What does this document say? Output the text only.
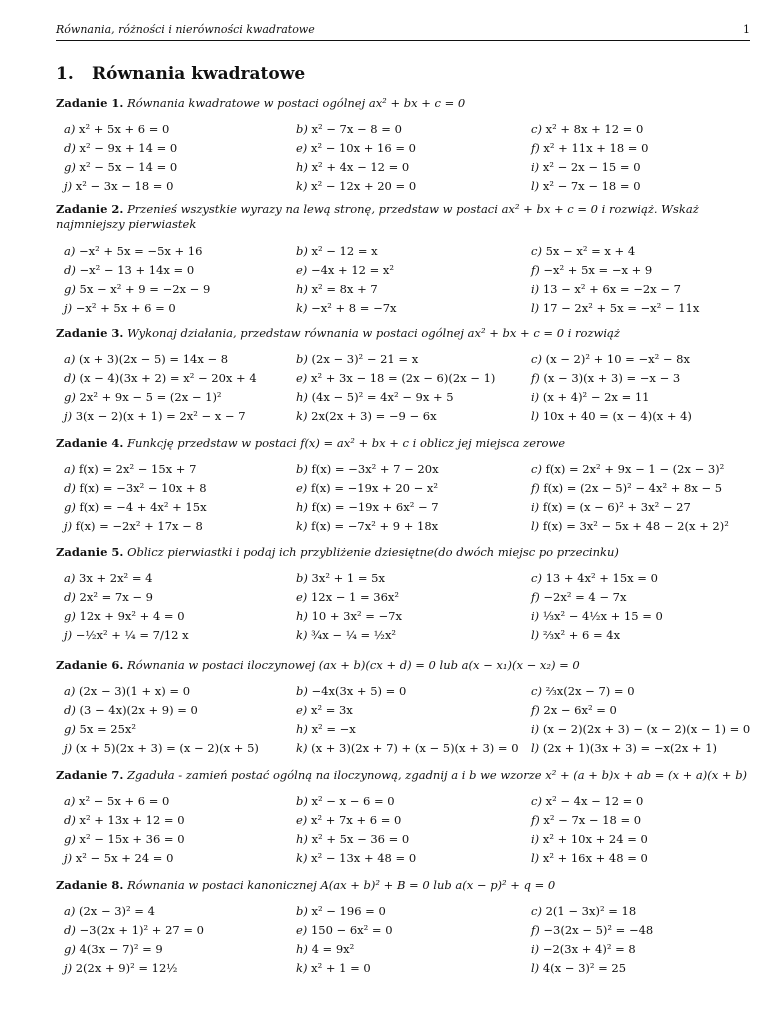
Równania, różności i nierówności kwadratowe	1
1. Równania kwadratowe
Zadanie 1. Równania kwadratowe w postaci ogólnej ax² + bx + c = 0
a) x² + 5x + 6 = 0	b) x² − 7x − 8 = 0	c) x² + 8x + 12 = 0
d) x² − 9x + 14 = 0	e) x² − 10x + 16 = 0	f) x² + 11x + 18 = 0
g) x² − 5x − 14 = 0	h) x² + 4x − 12 = 0	i) x² − 2x − 15 = 0
j) x² − 3x − 18 = 0	k) x² − 12x + 20 = 0	l) x² − 7x − 18 = 0
Zadanie 2. Przenieś wszystkie wyrazy na lewą stronę, przedstaw w postaci ax² + bx + c = 0 i rozwiąż. Wskaż najmniejszy pierwiastek
a) −x² + 5x = −5x + 16	b) x² − 12 = x	c) 5x − x² = x + 4
d) −x² − 13 + 14x = 0	e) −4x + 12 = x²	f) −x² + 5x = −x + 9
g) 5x − x² + 9 = −2x − 9	h) x² = 8x + 7	i) 13 − x² + 6x = −2x − 7
j) −x² + 5x + 6 = 0	k) −x² + 8 = −7x	l) 17 − 2x² + 5x = −x² − 11x
Zadanie 3. Wykonaj działania, przedstaw równania w postaci ogólnej ax² + bx + c = 0 i rozwiąż
a) (x + 3)(2x − 5) = 14x − 8	b) (2x − 3)² − 21 = x	c) (x − 2)² + 10 = −x² − 8x
d) (x − 4)(3x + 2) = x² − 20x + 4	e) x² + 3x − 18 = (2x − 6)(2x − 1)	f) (x − 3)(x + 3) = −x − 3
g) 2x² + 9x − 5 = (2x − 1)²	h) (4x − 5)² = 4x² − 9x + 5	i) (x + 4)² − 2x = 11
j) 3(x − 2)(x + 1) = 2x² − x − 7	k) 2x(2x + 3) = −9 − 6x	l) 10x + 40 = (x − 4)(x + 4)
Zadanie 4. Funkcję przedstaw w postaci f(x) = ax² + bx + c i oblicz jej miejsca zerowe
a) f(x) = 2x² − 15x + 7	b) f(x) = −3x² + 7 − 20x	c) f(x) = 2x² + 9x − 1 − (2x − 3)²
d) f(x) = −3x² − 10x + 8	e) f(x) = −19x + 20 − x²	f) f(x) = (2x − 5)² − 4x² + 8x − 5
g) f(x) = −4 + 4x² + 15x	h) f(x) = −19x + 6x² − 7	i) f(x) = (x − 6)² + 3x² − 27
j) f(x) = −2x² + 17x − 8	k) f(x) = −7x² + 9 + 18x	l) f(x) = 3x² − 5x + 48 − 2(x + 2)²
Zadanie 5. Oblicz pierwiastki i podaj ich przybliżenie dziesiętne(do dwóch miejsc po przecinku)
a) 3x + 2x² = 4	b) 3x² + 1 = 5x	c) 13 + 4x² + 15x = 0
d) 2x² = 7x − 9	e) 12x − 1 = 36x²	f) −2x² = 4 − 7x
g) 12x + 9x² + 4 = 0	h) 10 + 3x² = −7x	i) ⅓x² − 4½x + 15 = 0
j) −½x² + ¼ = 7/12 x	k) ¾x − ¼ = ½x²	l) ⅔x² + 6 = 4x
Zadanie 6. Równania w postaci iloczynowej (ax + b)(cx + d) = 0 lub a(x − x₁)(x − x₂) = 0
a) (2x − 3)(1 + x) = 0	b) −4x(3x + 5) = 0	c) ⅔x(2x − 7) = 0
d) (3 − 4x)(2x + 9) = 0	e) x² = 3x	f) 2x − 6x² = 0
g) 5x = 25x²	h) x² = −x	i) (x − 2)(2x + 3) − (x − 2)(x − 1) = 0
j) (x + 5)(2x + 3) = (x − 2)(x + 5)	k) (x + 3)(2x + 7) + (x − 5)(x + 3) = 0 l) (2x + 1)(3x + 3) = −x(2x + 1)
Zadanie 7. Zgaduła - zamień postać ogólną na iloczynową, zgadnij a i b we wzorze x² + (a + b)x + ab = (x + a)(x + b)
a) x² − 5x + 6 = 0	b) x² − x − 6 = 0	c) x² − 4x − 12 = 0
d) x² + 13x + 12 = 0	e) x² + 7x + 6 = 0	f) x² − 7x − 18 = 0
g) x² − 15x + 36 = 0	h) x² + 5x − 36 = 0	i) x² + 10x + 24 = 0
j) x² − 5x + 24 = 0	k) x² − 13x + 48 = 0	l) x² + 16x + 48 = 0
Zadanie 8. Równania w postaci kanonicznej A(ax + b)² + B = 0 lub a(x − p)² + q = 0
a) (2x − 3)² = 4	b) x² − 196 = 0	c) 2(1 − 3x)² = 18
d) −3(2x + 1)² + 27 = 0	e) 150 − 6x² = 0	f) −3(2x − 5)² = −48
g) 4(3x − 7)² = 9	h) 4 = 9x²	i) −2(3x + 4)² = 8
j) 2(2x + 9)² = 12½	k) x² + 1 = 0	l) 4(x − 3)² = 25
